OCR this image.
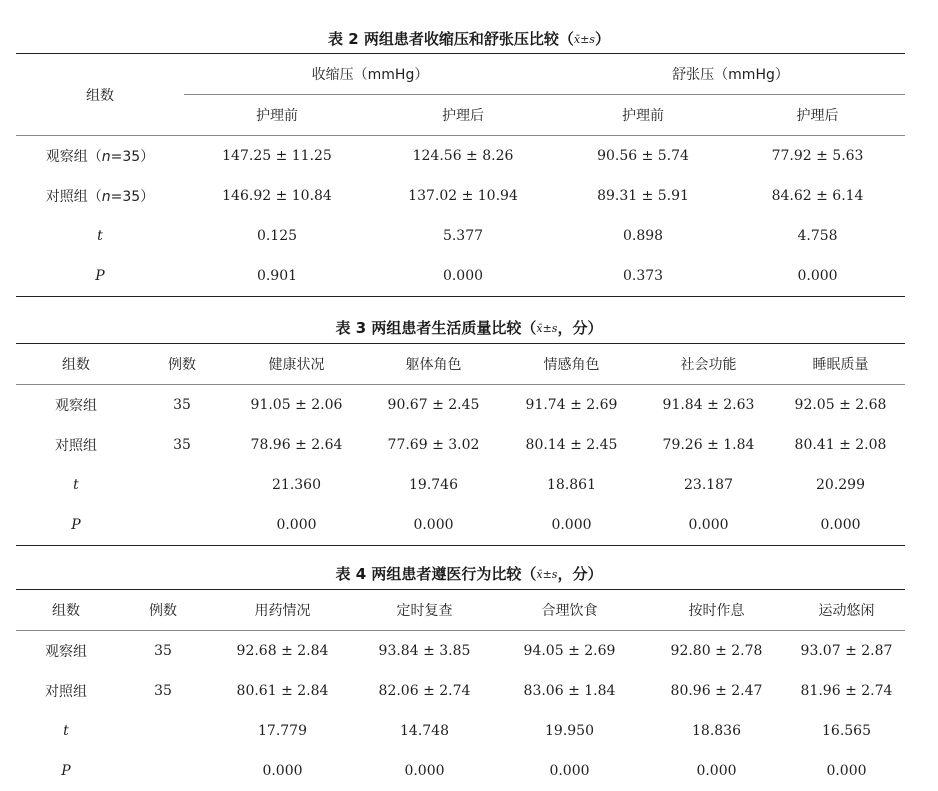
表 2 两组患者收缩压和舒张压比较（x̄±s）
组数	收缩压（mmHg）		舒张压（mmHg）	
	护理前	护理后	护理前	护理后
观察组（n=35）	147.25 ± 11.25	124.56 ± 8.26	90.56 ± 5.74	77.92 ± 5.63
对照组（n=35）	146.92 ± 10.84	137.02 ± 10.94	89.31 ± 5.91	84.62 ± 6.14
t	0.125	5.377	0.898	4.758
P	0.901	0.000	0.373	0.000
表 3 两组患者生活质量比较（x̄±s，分）
组数	例数	健康状况	躯体角色	情感角色	社会功能	睡眠质量
观察组	35	91.05 ± 2.06	90.67 ± 2.45	91.74 ± 2.69	91.84 ± 2.63	92.05 ± 2.68
对照组	35	78.96 ± 2.64	77.69 ± 3.02	80.14 ± 2.45	79.26 ± 1.84	80.41 ± 2.08
t		21.360	19.746	18.861	23.187	20.299
P		0.000	0.000	0.000	0.000	0.000
表 4 两组患者遵医行为比较（x̄±s，分）
组数	例数	用药情况	定时复查	合理饮食	按时作息	运动悠闲
观察组	35	92.68 ± 2.84	93.84 ± 3.85	94.05 ± 2.69	92.80 ± 2.78	93.07 ± 2.87
对照组	35	80.61 ± 2.84	82.06 ± 2.74	83.06 ± 1.84	80.96 ± 2.47	81.96 ± 2.74
t		17.779	14.748	19.950	18.836	16.565
P		0.000	0.000	0.000	0.000	0.000
